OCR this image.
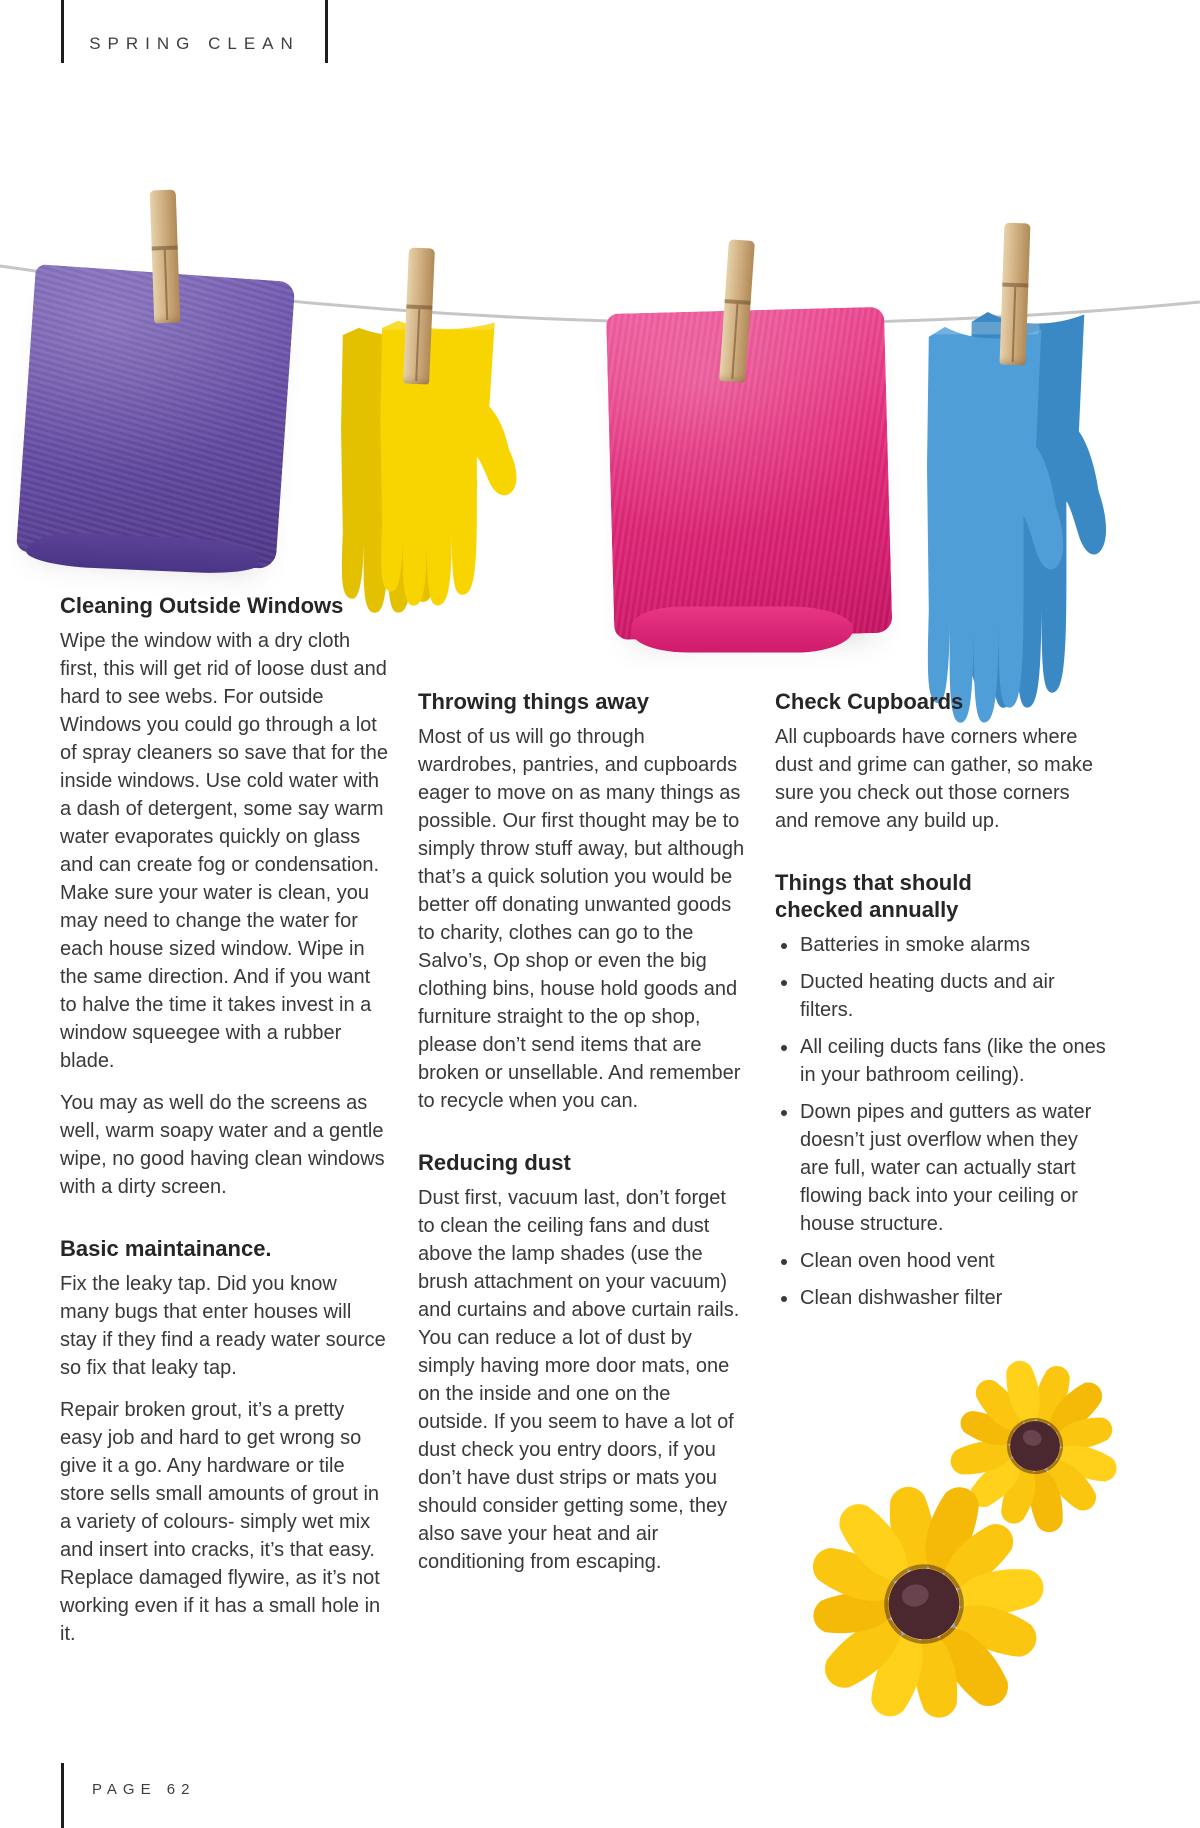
SPRING CLEAN
Cleaning Outside Windows

Wipe the window with a dry cloth first, this will get rid of loose dust and hard to see webs. For outside Windows you could go through a lot of spray cleaners so save that for the inside windows. Use cold water with a dash of detergent, some say warm water evaporates quickly on glass and can create fog or condensation. Make sure your water is clean, you may need to change the water for each house sized window. Wipe in the same direction. And if you want to halve the time it takes invest in a window squeegee with a rubber blade.

You may as well do the screens as well, warm soapy water and a gentle wipe, no good having clean windows with a dirty screen.

Basic maintainance.

Fix the leaky tap. Did you know many bugs that enter houses will stay if they find a ready water source so fix that leaky tap.

Repair broken grout, it’s a pretty easy job and hard to get wrong so give it a go. Any hardware or tile store sells small amounts of grout in a variety of colours- simply wet mix and insert into cracks, it’s that easy. Replace damaged flywire, as it’s not working even if it has a small hole in it.

Throwing things away

Most of us will go through wardrobes, pantries, and cupboards eager to move on as many things as possible. Our first thought may be to simply throw stuff away, but although that’s a quick solution you would be better off donating unwanted goods to charity, clothes can go to the Salvo’s, Op shop or even the big clothing bins, house hold goods and furniture straight to the op shop, please don’t send items that are broken or unsellable. And remember to recycle when you can.

Reducing dust

Dust first, vacuum last, don’t forget to clean the ceiling fans and dust above the lamp shades (use the brush attachment on your vacuum) and curtains and above curtain rails. You can reduce a lot of dust by simply having more door mats, one on the inside and one on the outside. If you seem to have a lot of dust check you entry doors, if you don’t have dust strips or mats you should consider getting some, they also save your heat and air conditioning from escaping.

Check Cupboards

All cupboards have corners where dust and grime can gather, so make sure you check out those corners and remove any build up.

Things that should checked annually
• Batteries in smoke alarms
• Ducted heating ducts and air filters.
• All ceiling ducts fans (like the ones in your bathroom ceiling).
• Down pipes and gutters as water doesn’t just overflow when they are full, water can actually start flowing back into your ceiling or house structure.
• Clean oven hood vent
• Clean dishwasher filter
PAGE 62
